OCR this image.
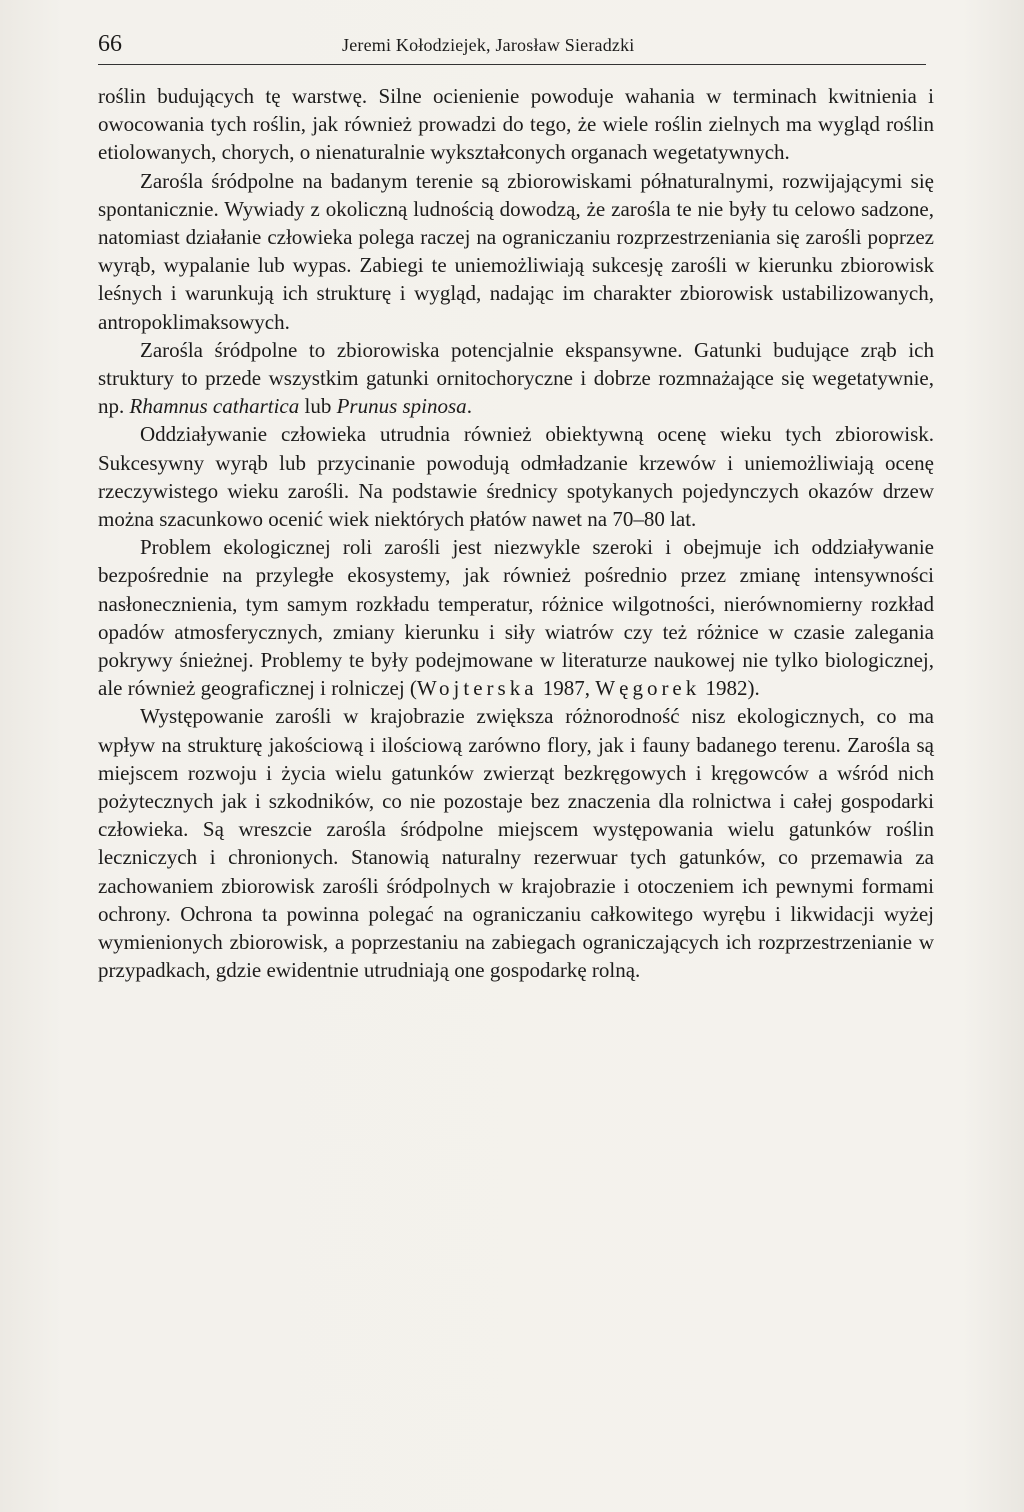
66	Jeremi Kołodziejek, Jarosław Sieradzki

roślin budujących tę warstwę. Silne ocienienie powoduje wahania w terminach kwitnienia i owocowania tych roślin, jak również prowadzi do tego, że wiele roślin zielnych ma wygląd roślin etiolowanych, chorych, o nienaturalnie wykształconych organach wegetatywnych.

Zarośla śródpolne na badanym terenie są zbiorowiskami półnaturalnymi, rozwijającymi się spontanicznie. Wywiady z okoliczną ludnością dowodzą, że zarośla te nie były tu celowo sadzone, natomiast działanie człowieka polega raczej na ograniczaniu rozprzestrzeniania się zarośli poprzez wyrąb, wypalanie lub wypas. Zabiegi te uniemożliwiają sukcesję zarośli w kierunku zbiorowisk leśnych i warunkują ich strukturę i wygląd, nadając im charakter zbiorowisk ustabilizowanych, antropoklimaksowych.

Zarośla śródpolne to zbiorowiska potencjalnie ekspansywne. Gatunki budujące zrąb ich struktury to przede wszystkim gatunki ornitochoryczne i dobrze rozmnażające się wegetatywnie, np. Rhamnus cathartica lub Prunus spinosa.

Oddziaływanie człowieka utrudnia również obiektywną ocenę wieku tych zbiorowisk. Sukcesywny wyrąb lub przycinanie powodują odmładzanie krzewów i uniemożliwiają ocenę rzeczywistego wieku zarośli. Na podstawie średnicy spotykanych pojedynczych okazów drzew można szacunkowo ocenić wiek niektórych płatów nawet na 70–80 lat.

Problem ekologicznej roli zarośli jest niezwykle szeroki i obejmuje ich oddziaływanie bezpośrednie na przyległe ekosystemy, jak również pośrednio przez zmianę intensywności nasłonecznienia, tym samym rozkładu temperatur, różnice wilgotności, nierównomierny rozkład opadów atmosferycznych, zmiany kierunku i siły wiatrów czy też różnice w czasie zalegania pokrywy śnieżnej. Problemy te były podejmowane w literaturze naukowej nie tylko biologicznej, ale również geograficznej i rolniczej (Wojterska 1987, Węgorek 1982).

Występowanie zarośli w krajobrazie zwiększa różnorodność nisz ekologicznych, co ma wpływ na strukturę jakościową i ilościową zarówno flory, jak i fauny badanego terenu. Zarośla są miejscem rozwoju i życia wielu gatunków zwierząt bezkręgowych i kręgowców a wśród nich pożytecznych jak i szkodników, co nie pozostaje bez znaczenia dla rolnictwa i całej gospodarki człowieka. Są wreszcie zarośla śródpolne miejscem występowania wielu gatunków roślin leczniczych i chronionych. Stanowią naturalny rezerwuar tych gatunków, co przemawia za zachowaniem zbiorowisk zarośli śródpolnych w krajobrazie i otoczeniem ich pewnymi formami ochrony. Ochrona ta powinna polegać na ograniczaniu całkowitego wyrębu i likwidacji wyżej wymienionych zbiorowisk, a poprzestaniu na zabiegach ograniczających ich rozprzestrzenianie w przypadkach, gdzie ewidentnie utrudniają one gospodarkę rolną.
